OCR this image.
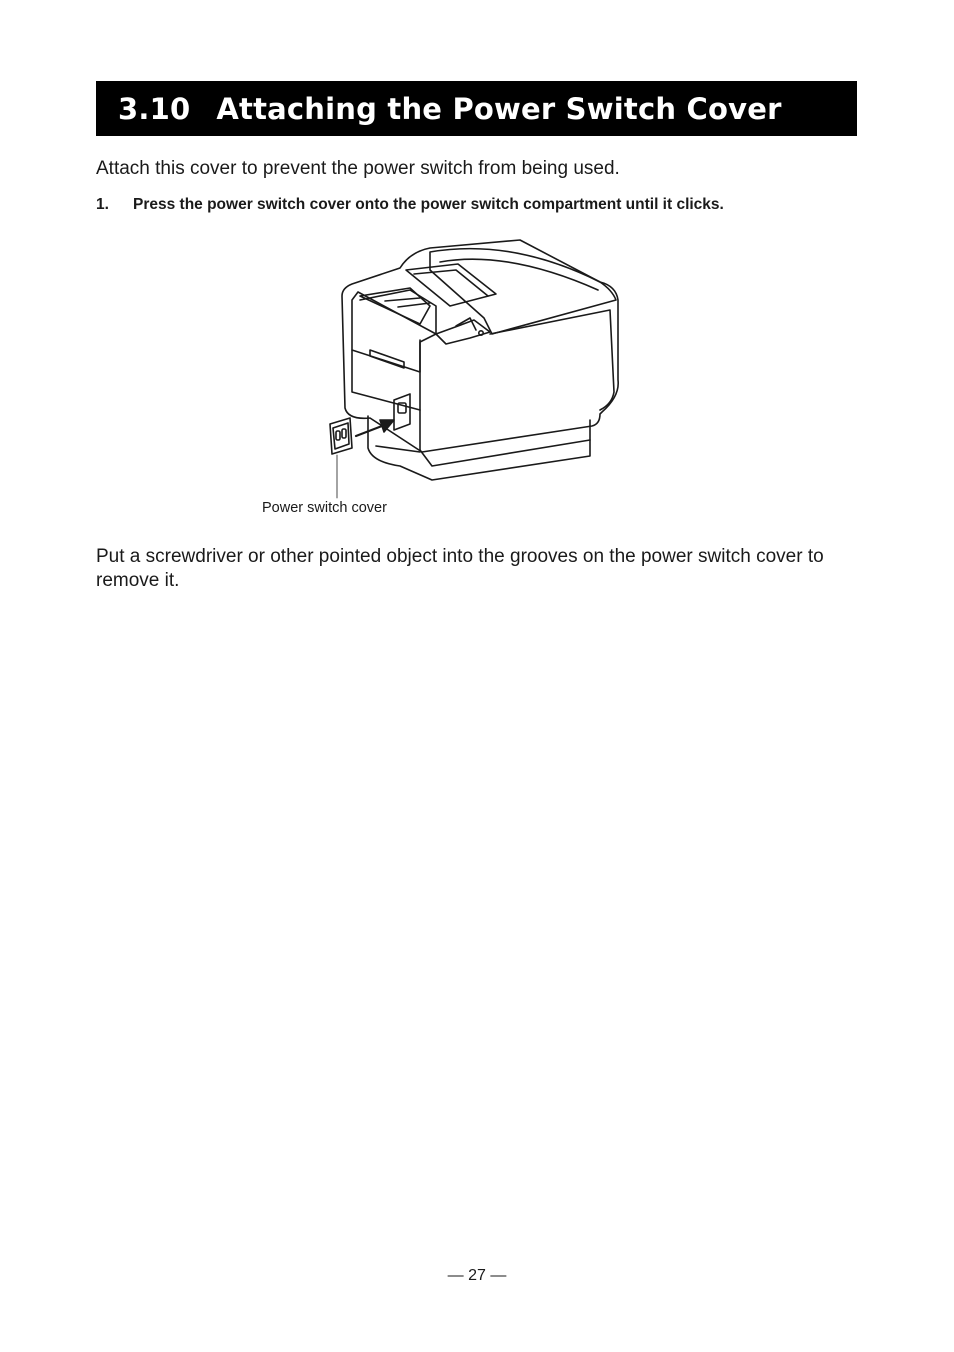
3.10 Attaching the Power Switch Cover

Attach this cover to prevent the power switch from being used.

1.	Press the power switch cover onto the power switch compartment until it clicks.

Power switch cover

Put a screwdriver or other pointed object into the grooves on the power switch cover to remove it.

— 27 —
